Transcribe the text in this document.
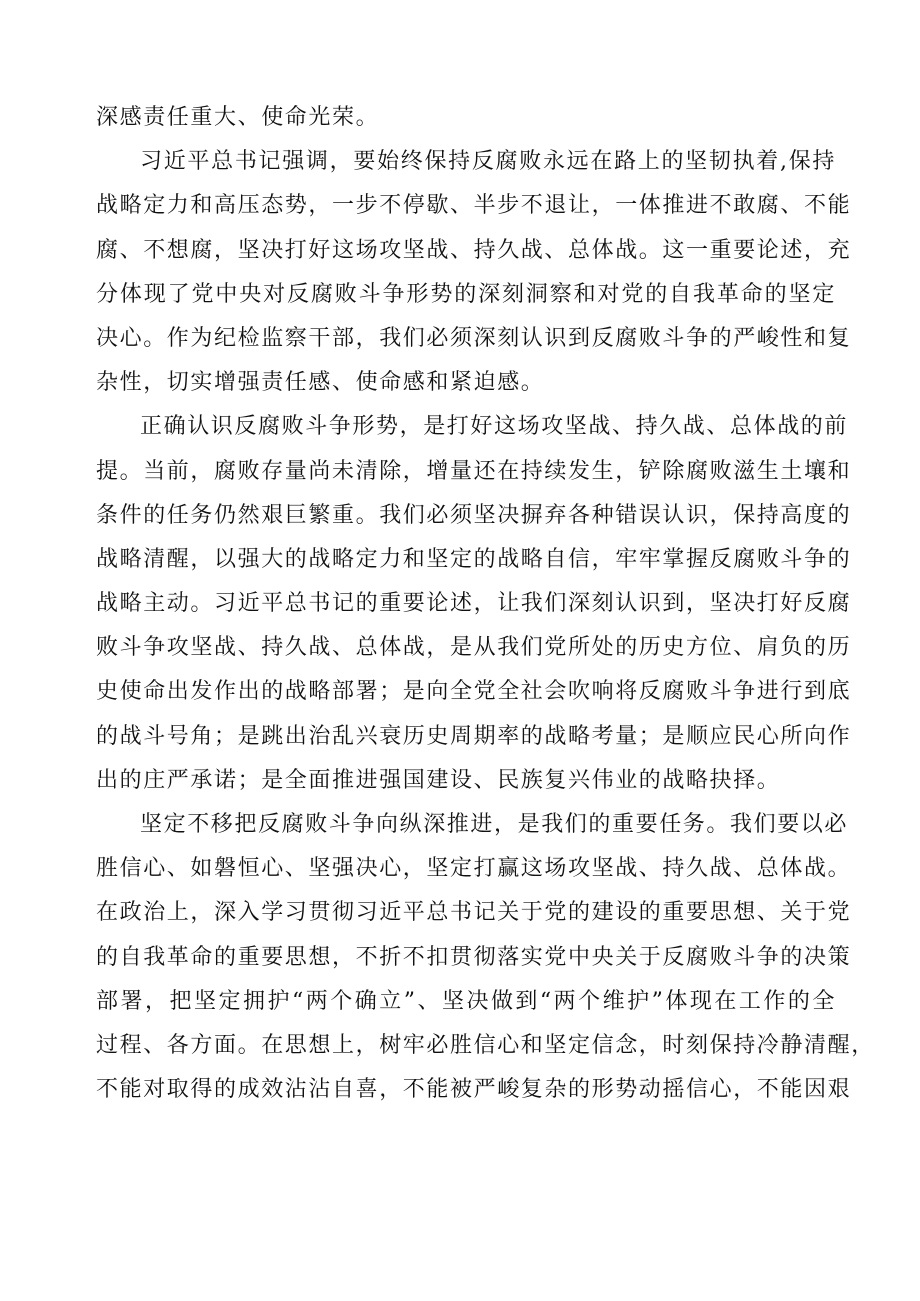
深感责任重大、使命光荣。
习近平总书记强调，要始终保持反腐败永远在路上的坚韧执着,保持
战略定力和高压态势，一步不停歇、半步不退让，一体推进不敢腐、不能
腐、不想腐，坚决打好这场攻坚战、持久战、总体战。这一重要论述，充
分体现了党中央对反腐败斗争形势的深刻洞察和对党的自我革命的坚定
决心。作为纪检监察干部，我们必须深刻认识到反腐败斗争的严峻性和复
杂性，切实增强责任感、使命感和紧迫感。
正确认识反腐败斗争形势，是打好这场攻坚战、持久战、总体战的前
提。当前，腐败存量尚未清除，增量还在持续发生，铲除腐败滋生土壤和
条件的任务仍然艰巨繁重。我们必须坚决摒弃各种错误认识，保持高度的
战略清醒，以强大的战略定力和坚定的战略自信，牢牢掌握反腐败斗争的
战略主动。习近平总书记的重要论述，让我们深刻认识到，坚决打好反腐
败斗争攻坚战、持久战、总体战，是从我们党所处的历史方位、肩负的历
史使命出发作出的战略部署；是向全党全社会吹响将反腐败斗争进行到底
的战斗号角；是跳出治乱兴衰历史周期率的战略考量；是顺应民心所向作
出的庄严承诺；是全面推进强国建设、民族复兴伟业的战略抉择。
坚定不移把反腐败斗争向纵深推进，是我们的重要任务。我们要以必
胜信心、如磐恒心、坚强决心，坚定打赢这场攻坚战、持久战、总体战。
在政治上，深入学习贯彻习近平总书记关于党的建设的重要思想、关于党
的自我革命的重要思想，不折不扣贯彻落实党中央关于反腐败斗争的决策
部署，把坚定拥护“两个确立”、坚决做到“两个维护”体现在工作的全
过程、各方面。在思想上，树牢必胜信心和坚定信念，时刻保持冷静清醒，
不能对取得的成效沾沾自喜，不能被严峻复杂的形势动摇信心，不能因艰
